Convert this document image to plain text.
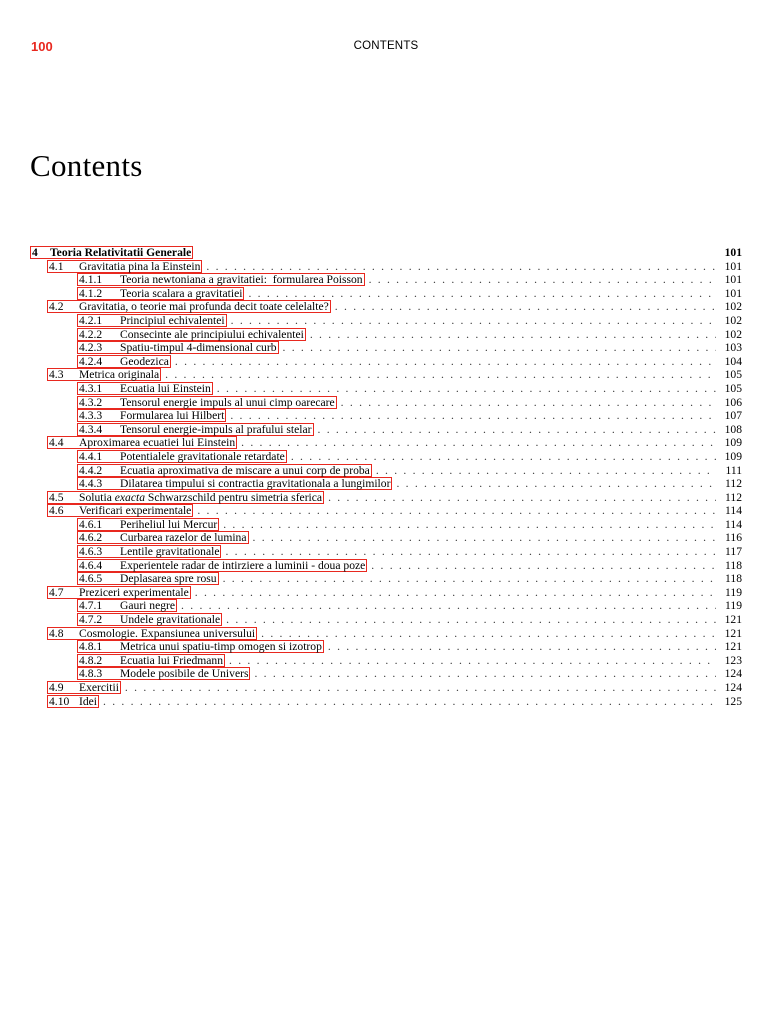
100	CONTENTS
Contents
4	Teoria Relativitatii Generale	101
4.1	Gravitatia pina la Einstein . . .	101
4.1.1	Teoria newtoniana a gravitatiei:  formularea Poisson . . .	101
4.1.2	Teoria scalara a gravitatiei . . .	101
4.2	Gravitatia, o teorie mai profunda decit toate celelalte? . . .	102
4.2.1	Principiul echivalentei . . .	102
4.2.2	Consecinte ale principiului echivalentei . . .	102
4.2.3	Spatiu-timpul 4-dimensional curb . . .	103
4.2.4	Geodezica . . .	104
4.3	Metrica originala . . .	105
4.3.1	Ecuatia lui Einstein . . .	105
4.3.2	Tensorul energie impuls al unui cimp oarecare . . .	106
4.3.3	Formularea lui Hilbert . . .	107
4.3.4	Tensorul energie-impuls al prafului stelar . . .	108
4.4	Aproximarea ecuatiei lui Einstein . . .	109
4.4.1	Potentialele gravitationale retardate . . .	109
4.4.2	Ecuatia aproximativa de miscare a unui corp de proba . . .	111
4.4.3	Dilatarea timpului si contractia gravitationala a lungimilor . . .	112
4.5	Solutia exacta Schwarzschild pentru simetria sferica . . .	112
4.6	Verificari experimentale . . .	114
4.6.1	Periheliul lui Mercur . . .	114
4.6.2	Curbarea razelor de lumina . . .	116
4.6.3	Lentile gravitationale . . .	117
4.6.4	Experientele radar de intirziere a luminii - doua poze . . .	118
4.6.5	Deplasarea spre rosu . . .	118
4.7	Preziceri experimentale . . .	119
4.7.1	Gauri negre . . .	119
4.7.2	Undele gravitationale . . .	121
4.8	Cosmologie. Expansiunea universului . . .	121
4.8.1	Metrica unui spatiu-timp omogen si izotrop . . .	121
4.8.2	Ecuatia lui Friedmann . . .	123
4.8.3	Modele posibile de Univers . . .	124
4.9	Exercitii . . .	124
4.10 Idei . . .	125
